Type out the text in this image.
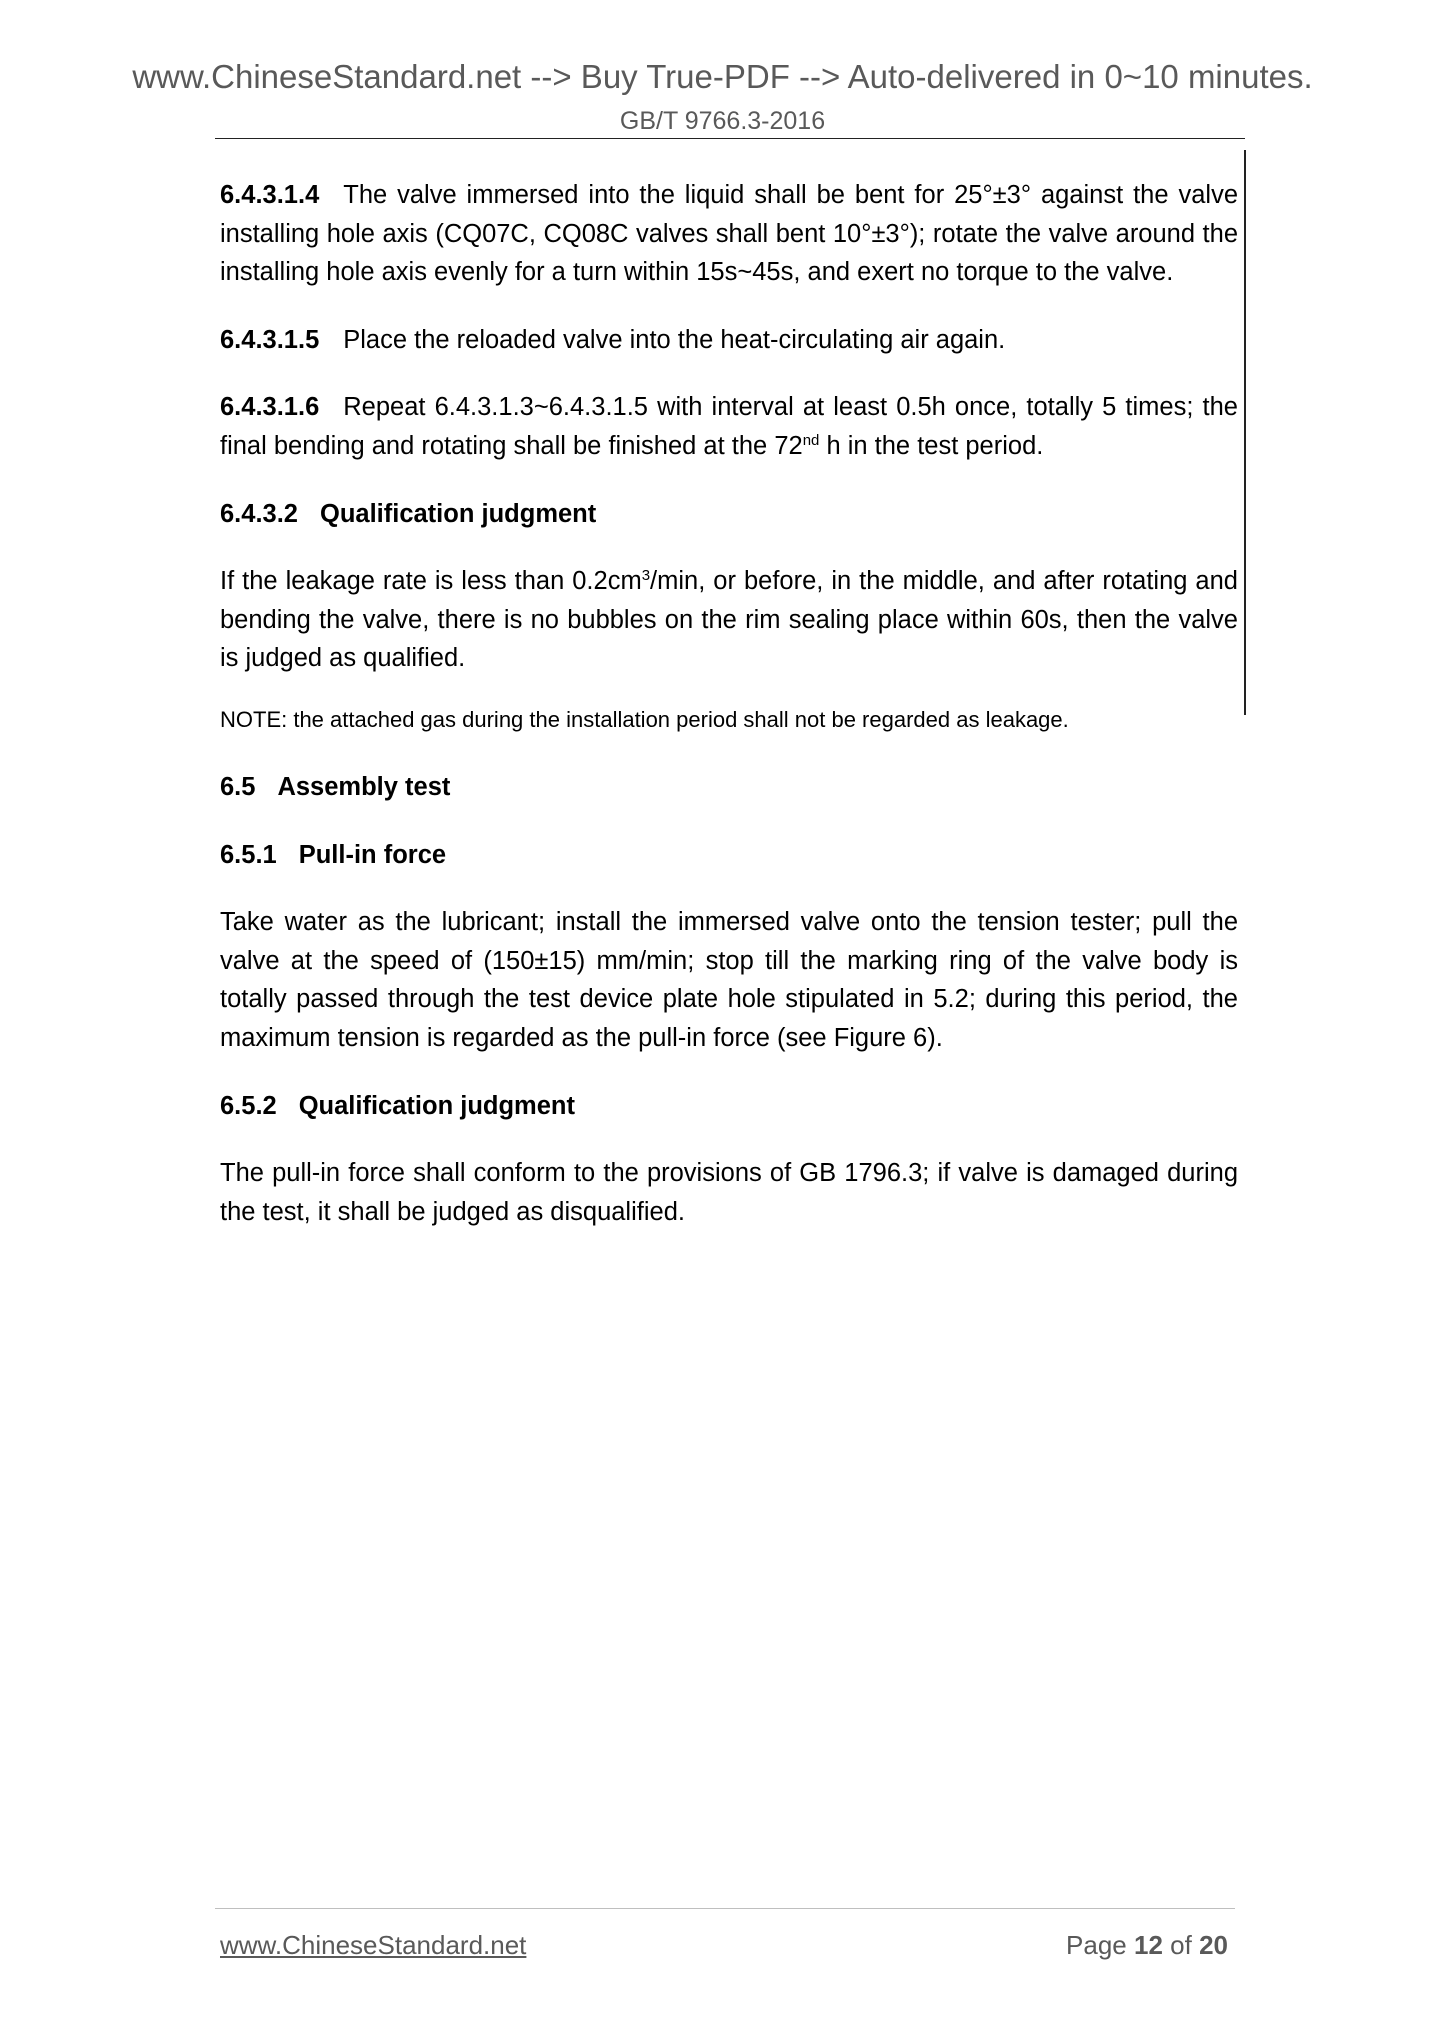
www.ChineseStandard.net --> Buy True-PDF --> Auto-delivered in 0~10 minutes.
GB/T 9766.3-2016

6.4.3.1.4 The valve immersed into the liquid shall be bent for 25°±3° against the valve installing hole axis (CQ07C, CQ08C valves shall bent 10°±3°); rotate the valve around the installing hole axis evenly for a turn within 15s~45s, and exert no torque to the valve.

6.4.3.1.5 Place the reloaded valve into the heat-circulating air again.

6.4.3.1.6 Repeat 6.4.3.1.3~6.4.3.1.5 with interval at least 0.5h once, totally 5 times; the final bending and rotating shall be finished at the 72nd h in the test period.

6.4.3.2 Qualification judgment

If the leakage rate is less than $0.2cm^3/\min$, or before, in the middle, and after rotating and bending the valve, there is no bubbles on the rim sealing place within 60s, then the valve is judged as qualified.

NOTE: the attached gas during the installation period shall not be regarded as leakage.

6.5 Assembly test
6.5.1 Pull-in force

Take water as the lubricant; install the immersed valve onto the tension tester; pull the valve at the speed of (150±15) mm/min; stop till the marking ring of the valve body is totally passed through the test device plate hole stipulated in 5.2; during this period, the maximum tension is regarded as the pull-in force (see Figure 6).

6.5.2 Qualification judgment

The pull-in force shall conform to the provisions of GB 1796.3; if valve is damaged during the test, it shall be judged as disqualified.

www.ChineseStandard.net	Page 12 of 20
